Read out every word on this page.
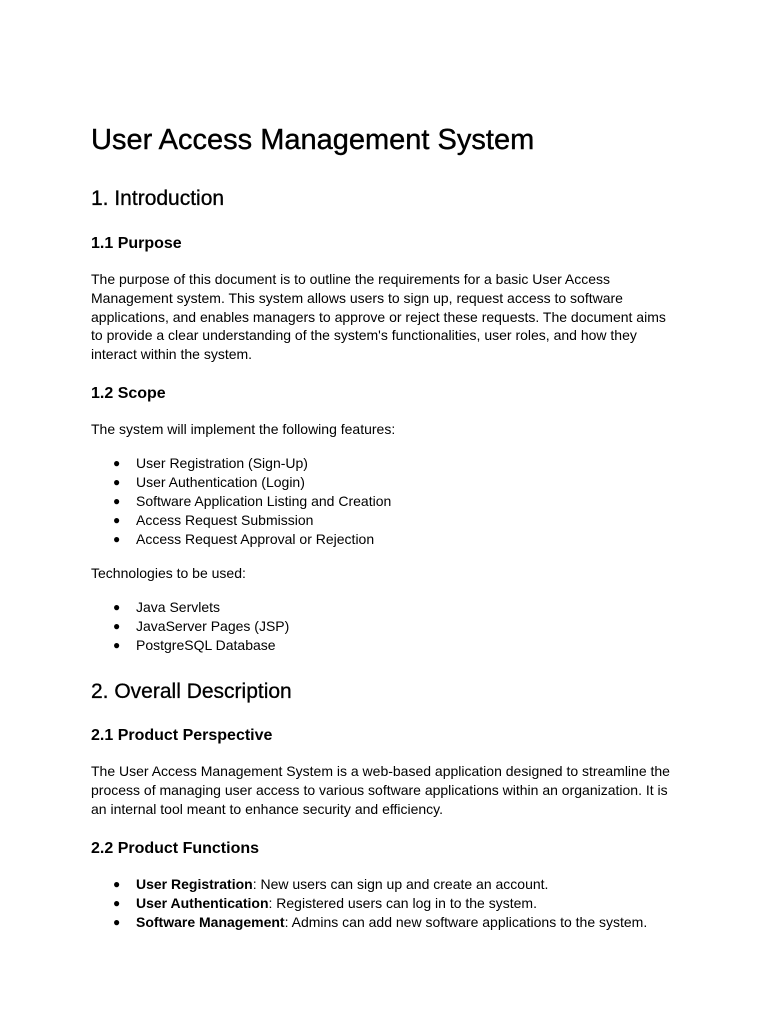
User Access Management System
1. Introduction
1.1 Purpose

The purpose of this document is to outline the requirements for a basic User Access Management system. This system allows users to sign up, request access to software applications, and enables managers to approve or reject these requests. The document aims to provide a clear understanding of the system's functionalities, user roles, and how they interact within the system.

1.2 Scope

The system will implement the following features:

● User Registration (Sign-Up)
● User Authentication (Login)
● Software Application Listing and Creation
● Access Request Submission
● Access Request Approval or Rejection

Technologies to be used:

● Java Servlets
● JavaServer Pages (JSP)
● PostgreSQL Database
2. Overall Description
2.1 Product Perspective

The User Access Management System is a web-based application designed to streamline the process of managing user access to various software applications within an organization. It is an internal tool meant to enhance security and efficiency.

2.2 Product Functions
● User Registration: New users can sign up and create an account.
● User Authentication: Registered users can log in to the system.
● Software Management: Admins can add new software applications to the system.
